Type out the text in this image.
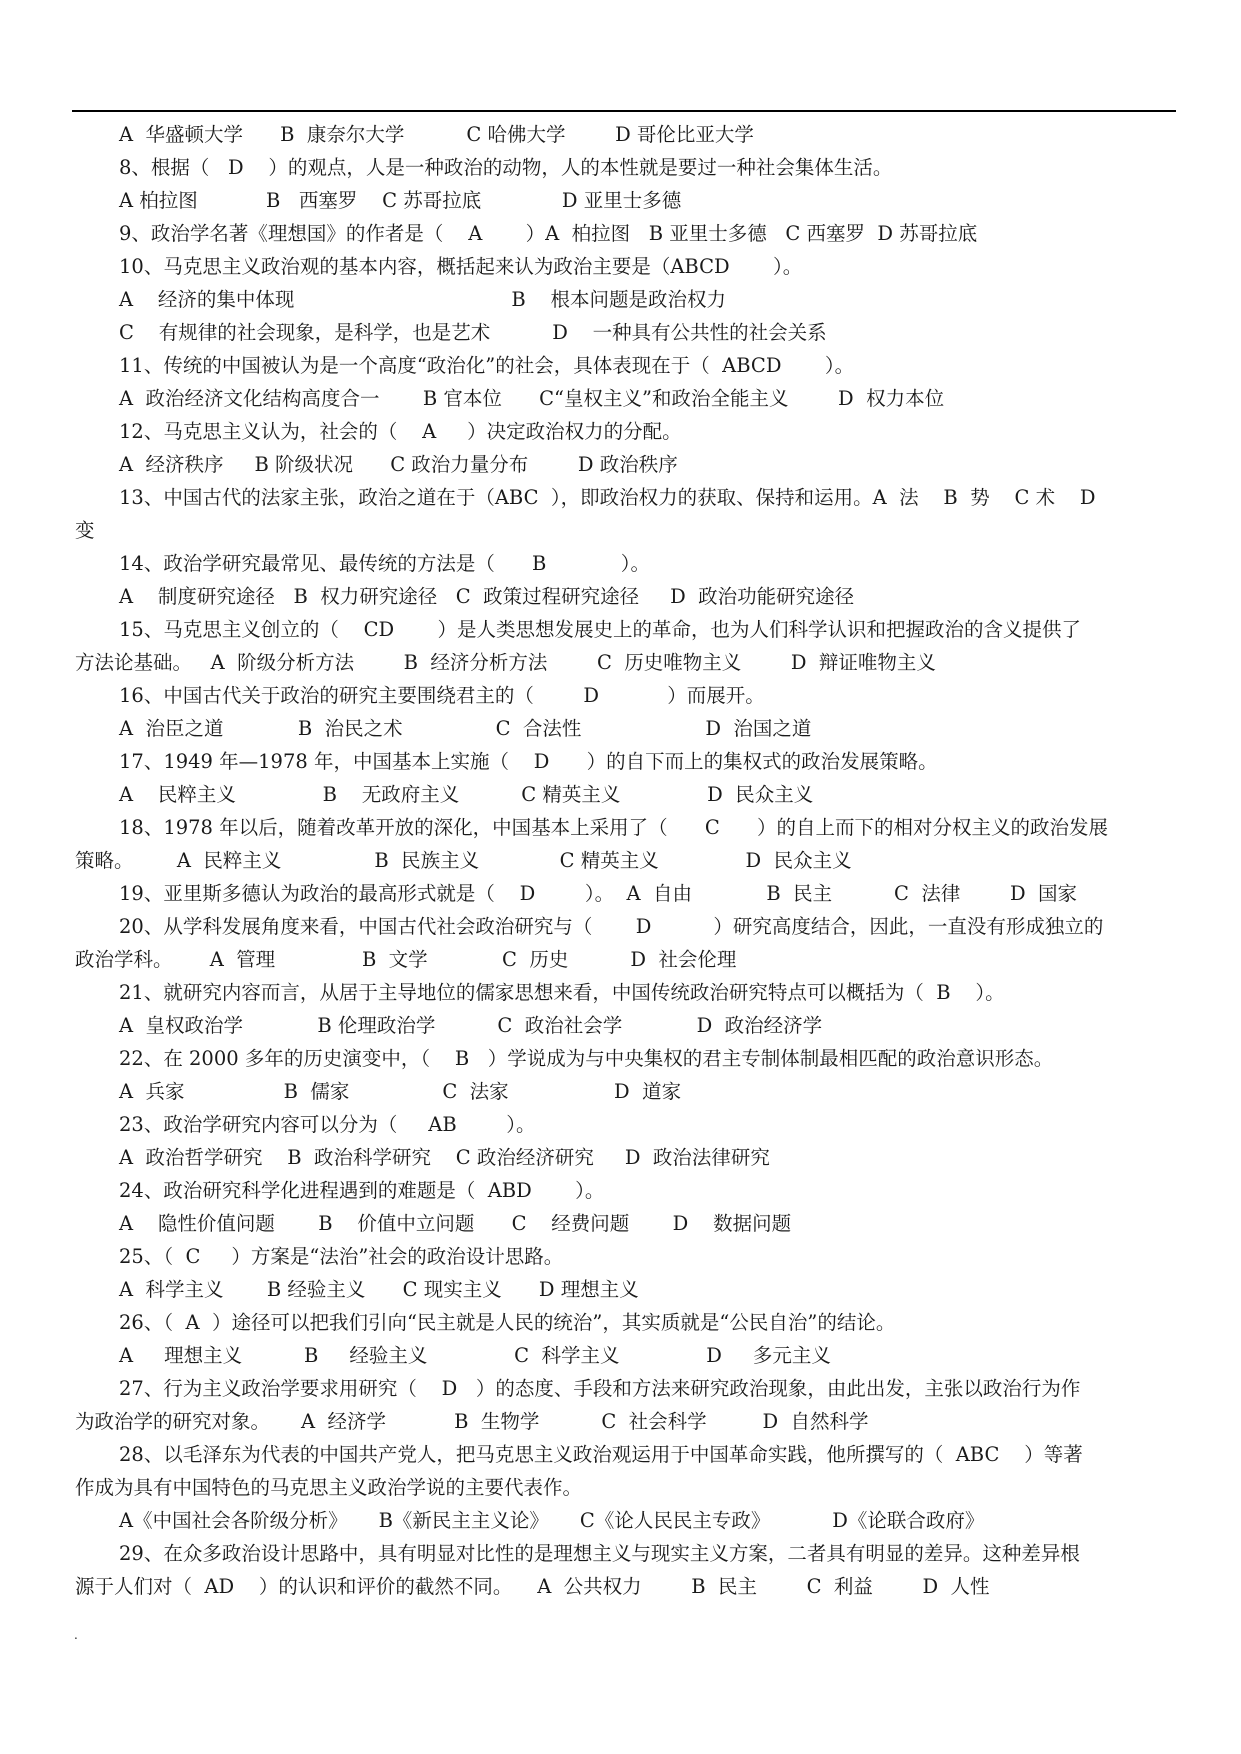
A  华盛顿大学      B  康奈尔大学          C 哈佛大学        D 哥伦比亚大学
8、根据（   D    ）的观点，人是一种政治的动物，人的本性就是要过一种社会集体生活。
A 柏拉图           B   西塞罗    C 苏哥拉底             D 亚里士多德
9、政治学名著《理想国》的作者是（    A       ）A  柏拉图   B 亚里士多德   C 西塞罗  D 苏哥拉底
10、马克思主义政治观的基本内容，概括起来认为政治主要是（ABCD       ）。
A    经济的集中体现                                   B    根本问题是政治权力
C    有规律的社会现象，是科学，也是艺术          D    一种具有公共性的社会关系
11、传统的中国被认为是一个高度“政治化”的社会，具体表现在于（  ABCD       ）。
A  政治经济文化结构高度合一       B 官本位      C“皇权主义”和政治全能主义        D  权力本位
12、马克思主义认为，社会的（    A     ）决定政治权力的分配。
A  经济秩序     B 阶级状况      C 政治力量分布        D 政治秩序
13、中国古代的法家主张，政治之道在于（ABC  ），即政治权力的获取、保持和运用。A  法    B  势    C 术    D
变
14、政治学研究最常见、最传统的方法是（      B            ）。
A    制度研究途径   B  权力研究途径   C  政策过程研究途径     D  政治功能研究途径
15、马克思主义创立的（    CD       ）是人类思想发展史上的革命，也为人们科学认识和把握政治的含义提供了
方法论基础。   A  阶级分析方法        B  经济分析方法        C  历史唯物主义        D  辩证唯物主义
16、中国古代关于政治的研究主要围绕君主的（        D           ）而展开。
A  治臣之道            B  治民之术               C  合法性                    D  治国之道
17、1949 年—1978 年，中国基本上实施（    D      ）的自下而上的集权式的政治发展策略。
A    民粹主义              B    无政府主义          C 精英主义              D  民众主义
18、1978 年以后，随着改革开放的深化，中国基本上采用了（      C      ）的自上而下的相对分权主义的政治发展
策略。       A  民粹主义               B  民族主义             C 精英主义              D  民众主义
19、亚里斯多德认为政治的最高形式就是（    D        ）。  A  自由            B  民主          C  法律        D  国家
20、从学科发展角度来看，中国古代社会政治研究与（       D          ）研究高度结合，因此，一直没有形成独立的
政治学科。      A  管理              B  文学            C  历史          D  社会伦理
21、就研究内容而言，从居于主导地位的儒家思想来看，中国传统政治研究特点可以概括为（  B    ）。
A  皇权政治学            B 伦理政治学          C  政治社会学            D  政治经济学
22、在 2000 多年的历史演变中，（    B   ）学说成为与中央集权的君主专制体制最相匹配的政治意识形态。
A  兵家                B  儒家               C  法家                 D  道家
23、政治学研究内容可以分为（     AB        ）。
A  政治哲学研究    B  政治科学研究    C 政治经济研究     D  政治法律研究
24、政治研究科学化进程遇到的难题是（  ABD       ）。
A    隐性价值问题       B    价值中立问题      C    经费问题       D    数据问题
25、（  C     ）方案是“法治”社会的政治设计思路。
A  科学主义       B 经验主义      C 现实主义      D 理想主义
26、（  A  ）途径可以把我们引向“民主就是人民的统治”，其实质就是“公民自治”的结论。
A     理想主义          B     经验主义              C  科学主义              D     多元主义
27、行为主义政治学要求用研究（    D   ）的态度、手段和方法来研究政治现象，由此出发，主张以政治行为作
为政治学的研究对象。     A  经济学           B  生物学          C  社会科学         D  自然科学
28、以毛泽东为代表的中国共产党人，把马克思主义政治观运用于中国革命实践，他所撰写的（  ABC    ）等著
作成为具有中国特色的马克思主义政治学说的主要代表作。
A《中国社会各阶级分析》     B《新民主主义论》     C《论人民民主专政》          D《论联合政府》
29、在众多政治设计思路中，具有明显对比性的是理想主义与现实主义方案，二者具有明显的差异。这种差异根
源于人们对（  AD    ）的认识和评价的截然不同。    A  公共权力        B  民主        C  利益        D  人性
.
